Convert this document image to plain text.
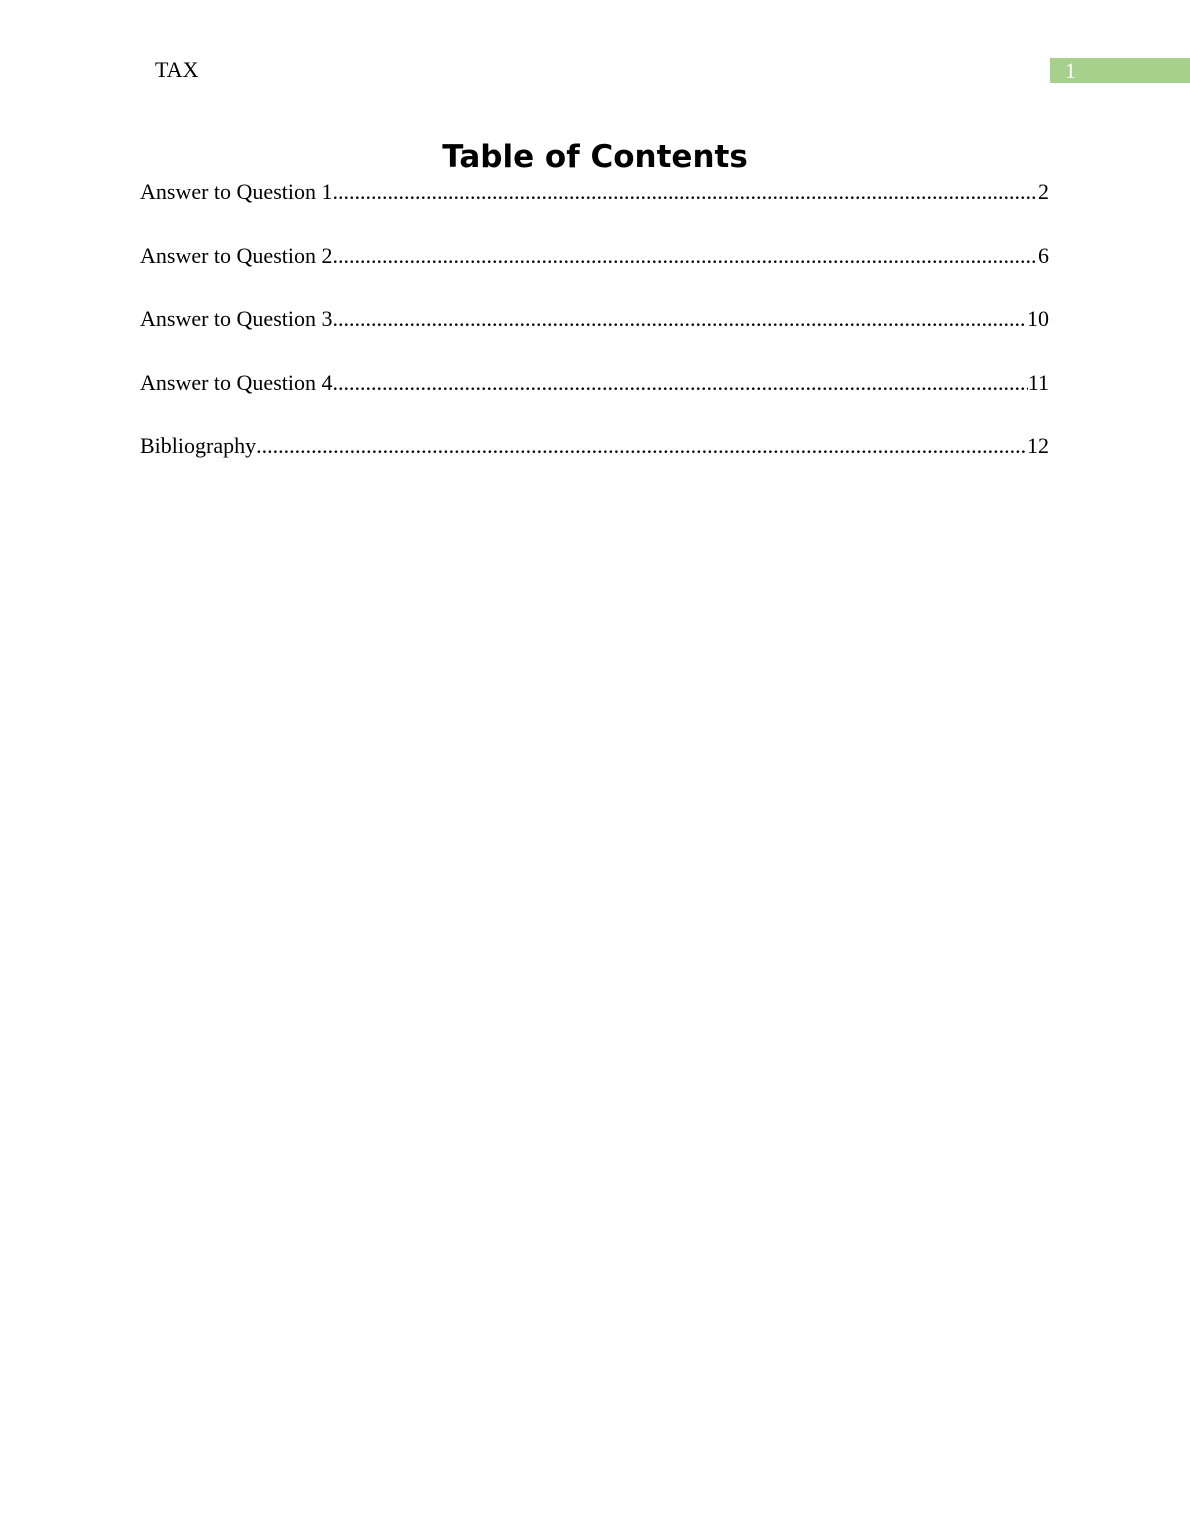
TAX	1
Table of Contents
Answer to Question 1 .....	2
Answer to Question 2 .....	6
Answer to Question 3 .....	10
Answer to Question 4 .....	11
Bibliography .....	12
